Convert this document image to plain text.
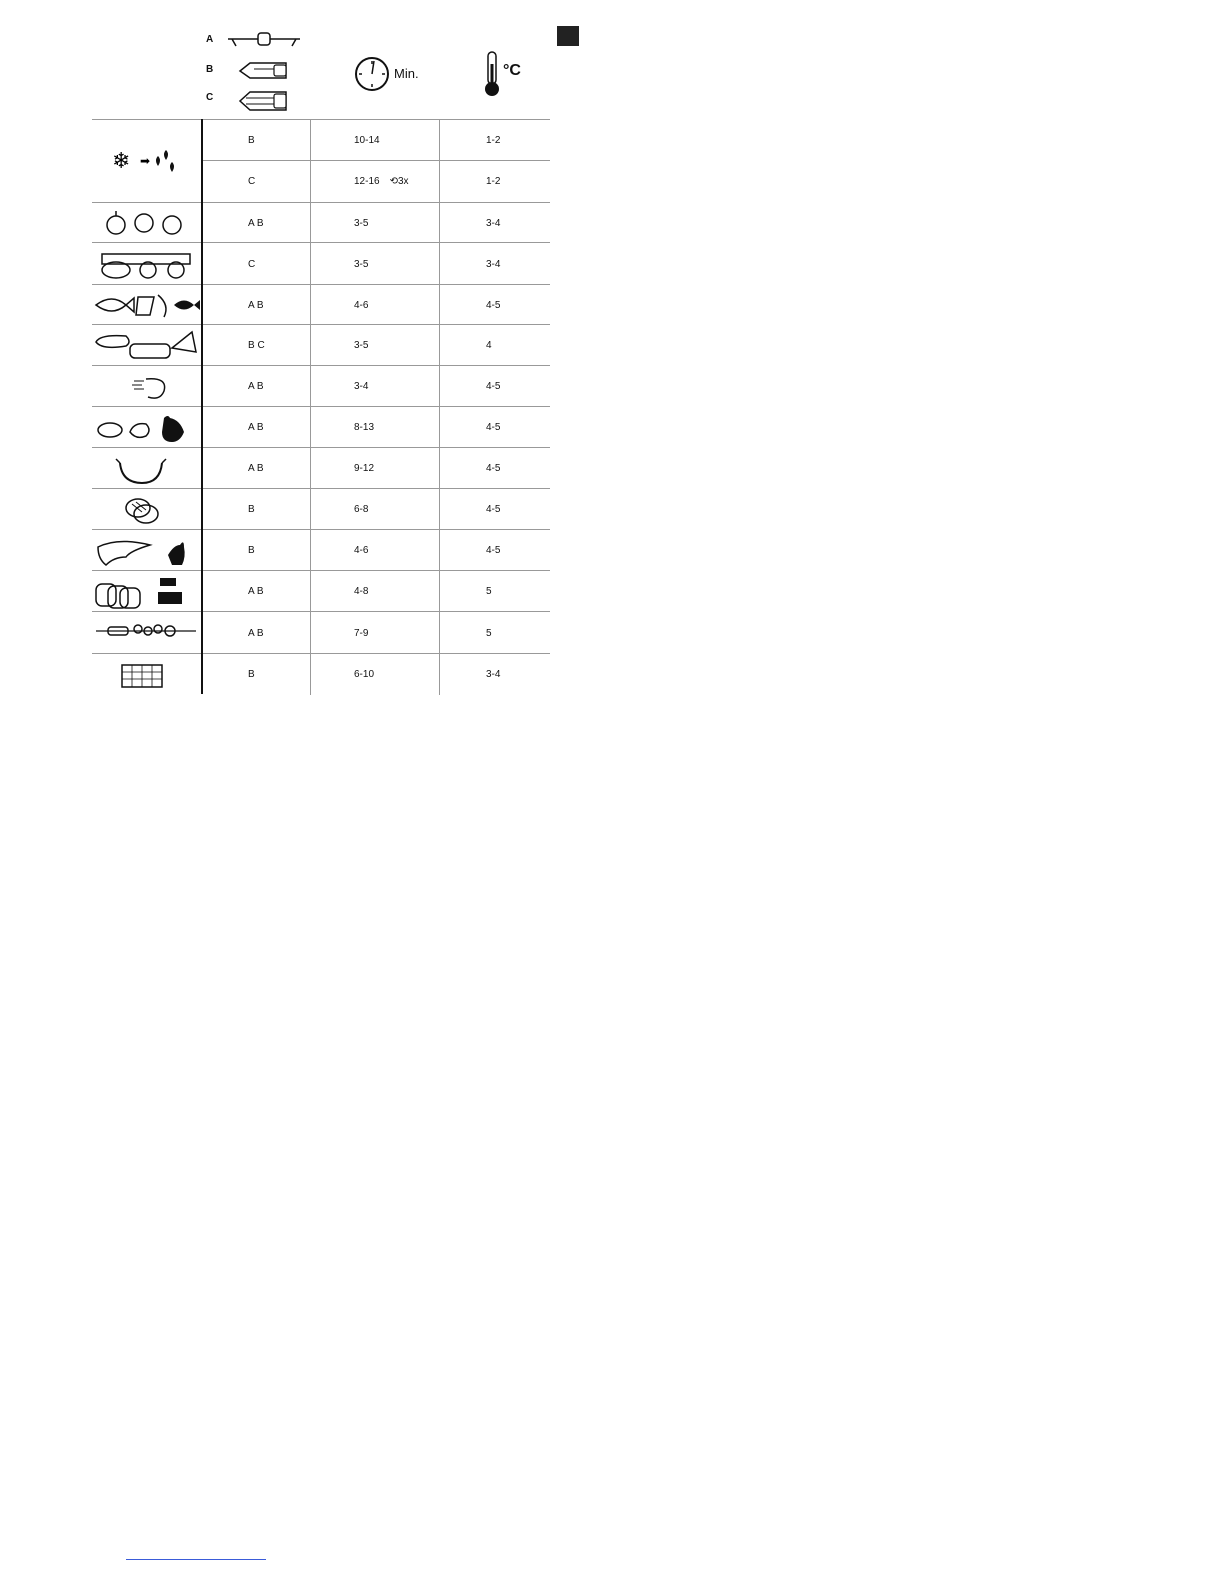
A
B
C
Min.	°C
❄ ➡
B	10-14	1-2
C	12-16 ⟲3x	1-2
A B	3-5	3-4
C	3-5	3-4
A B	4-6	4-5
B C	3-5	4
A B	3-4	4-5
A B	8-13	4-5
A B	9-12	4-5
B	6-8	4-5
B	4-6	4-5
A B	4-8	5
A B	7-9	5
B	6-10	3-4
